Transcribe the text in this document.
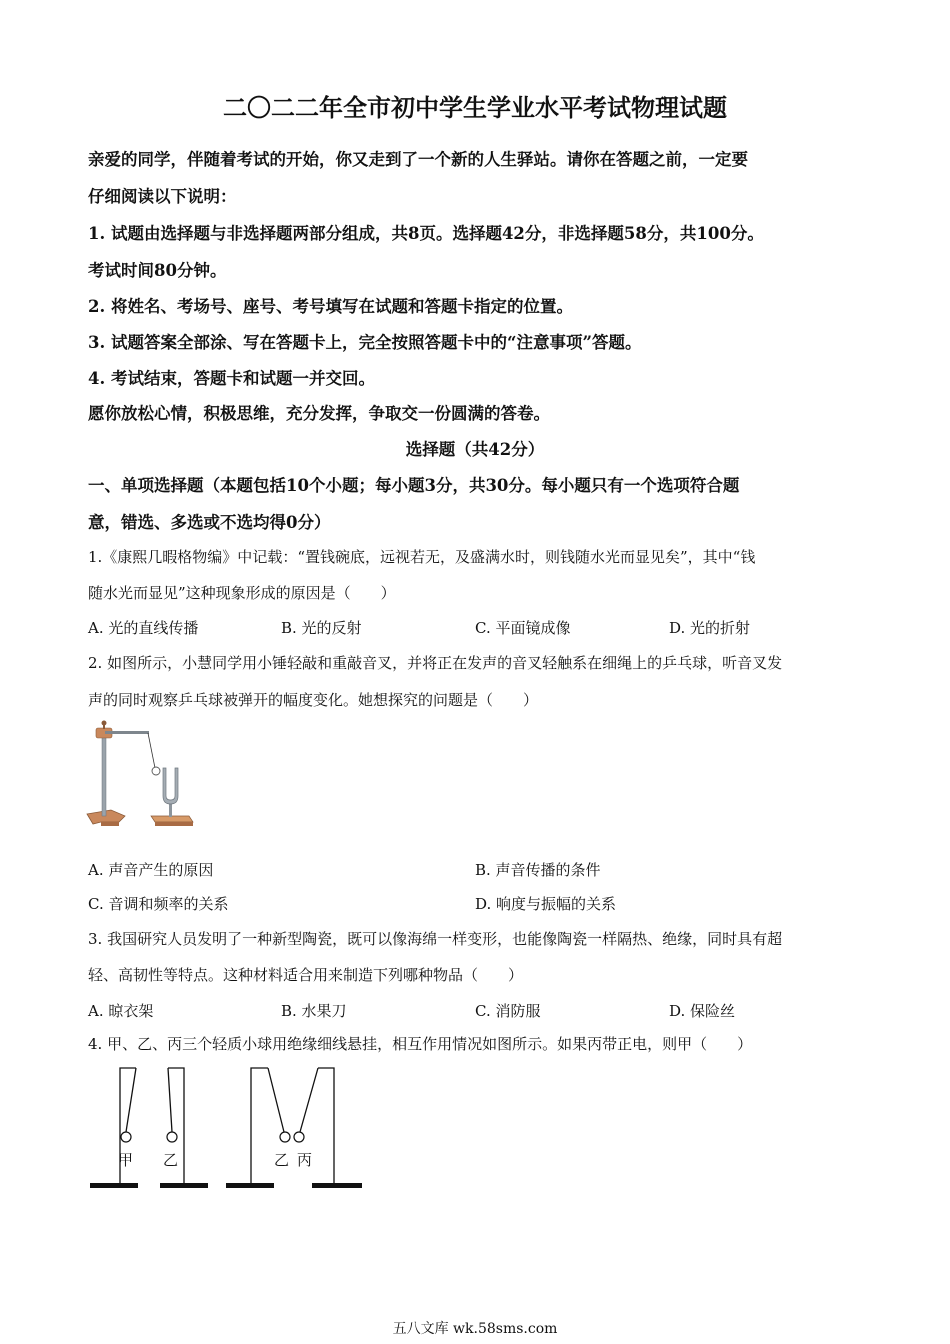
二〇二二年全市初中学生学业水平考试物理试题
亲爱的同学，伴随着考试的开始，你又走到了一个新的人生驿站。请你在答题之前，一定要
仔细阅读以下说明：
1. 试题由选择题与非选择题两部分组成，共8页。选择题42分，非选择题58分，共100分。
考试时间80分钟。
2. 将姓名、考场号、座号、考号填写在试题和答题卡指定的位置。
3. 试题答案全部涂、写在答题卡上，完全按照答题卡中的“注意事项”答题。
4. 考试结束，答题卡和试题一并交回。
愿你放松心情，积极思维，充分发挥，争取交一份圆满的答卷。
选择题（共42分）
一、单项选择题（本题包括10个小题；每小题3分，共30分。每小题只有一个选项符合题
意，错选、多选或不选均得0分）
1.《康熙几暇格物编》中记载：“置钱碗底，远视若无，及盛满水时，则钱随水光而显见矣”，其中“钱
随水光而显见”这种现象形成的原因是（　　）
A. 光的直线传播	B. 光的反射	C. 平面镜成像	D. 光的折射
2. 如图所示，小慧同学用小锤轻敲和重敲音叉，并将正在发声的音叉轻触系在细绳上的乒乓球，听音叉发
声的同时观察乒乓球被弹开的幅度变化。她想探究的问题是（　　）
A. 声音产生的原因	B. 声音传播的条件
C. 音调和频率的关系	D. 响度与振幅的关系
3. 我国研究人员发明了一种新型陶瓷，既可以像海绵一样变形，也能像陶瓷一样隔热、绝缘，同时具有超
轻、高韧性等特点。这种材料适合用来制造下列哪种物品（　　）
A. 晾衣架	B. 水果刀	C. 消防服	D. 保险丝
4. 甲、乙、丙三个轻质小球用绝缘细线悬挂，相互作用情况如图所示。如果丙带正电，则甲（　　）
甲 乙	乙 丙
五八文库 wk.58sms.com
